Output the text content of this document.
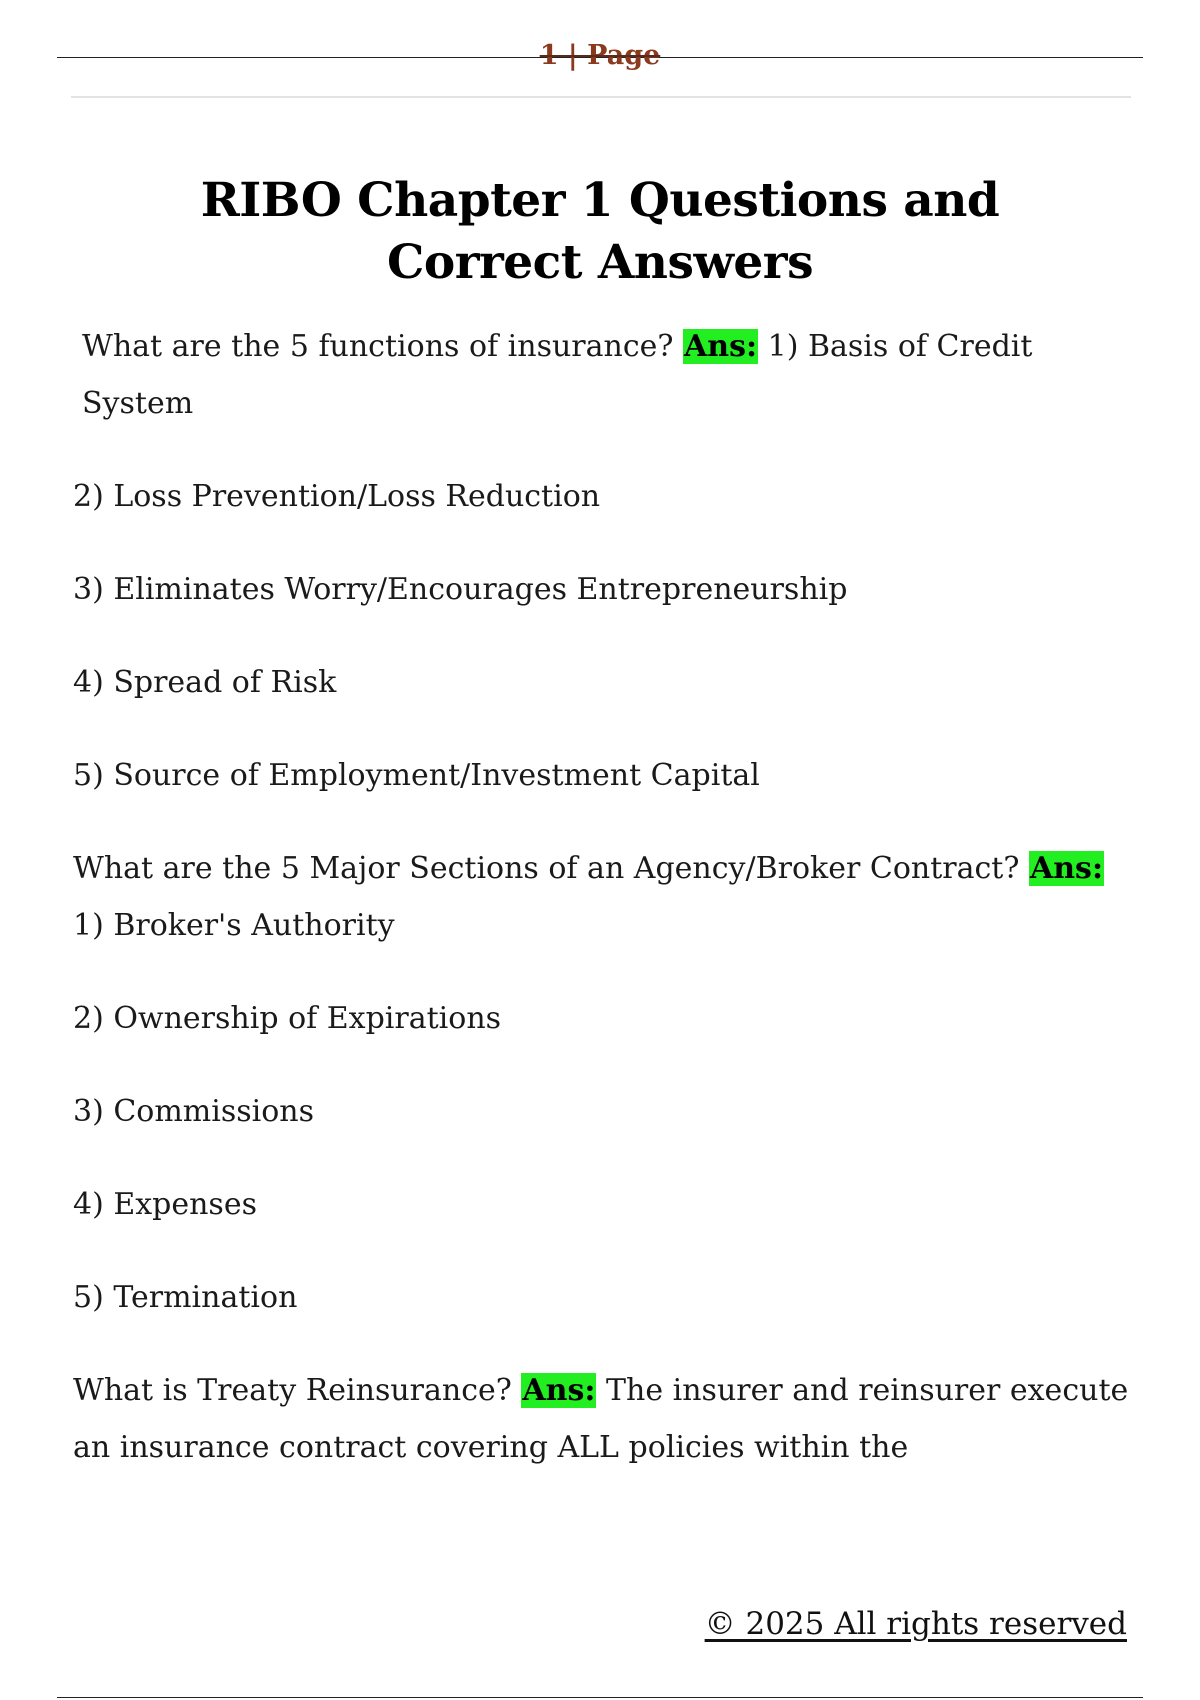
1 | Page
RIBO Chapter 1 Questions and Correct Answers

What are the 5 functions of insurance? Ans: 1) Basis of Credit System

2) Loss Prevention/Loss Reduction

3) Eliminates Worry/Encourages Entrepreneurship

4) Spread of Risk

5) Source of Employment/Investment Capital

What are the 5 Major Sections of an Agency/Broker Contract? Ans:
1) Broker's Authority

2) Ownership of Expirations

3) Commissions

4) Expenses

5) Termination

What is Treaty Reinsurance? Ans: The insurer and reinsurer execute an insurance contract covering ALL policies within the

© 2025 All rights reserved
